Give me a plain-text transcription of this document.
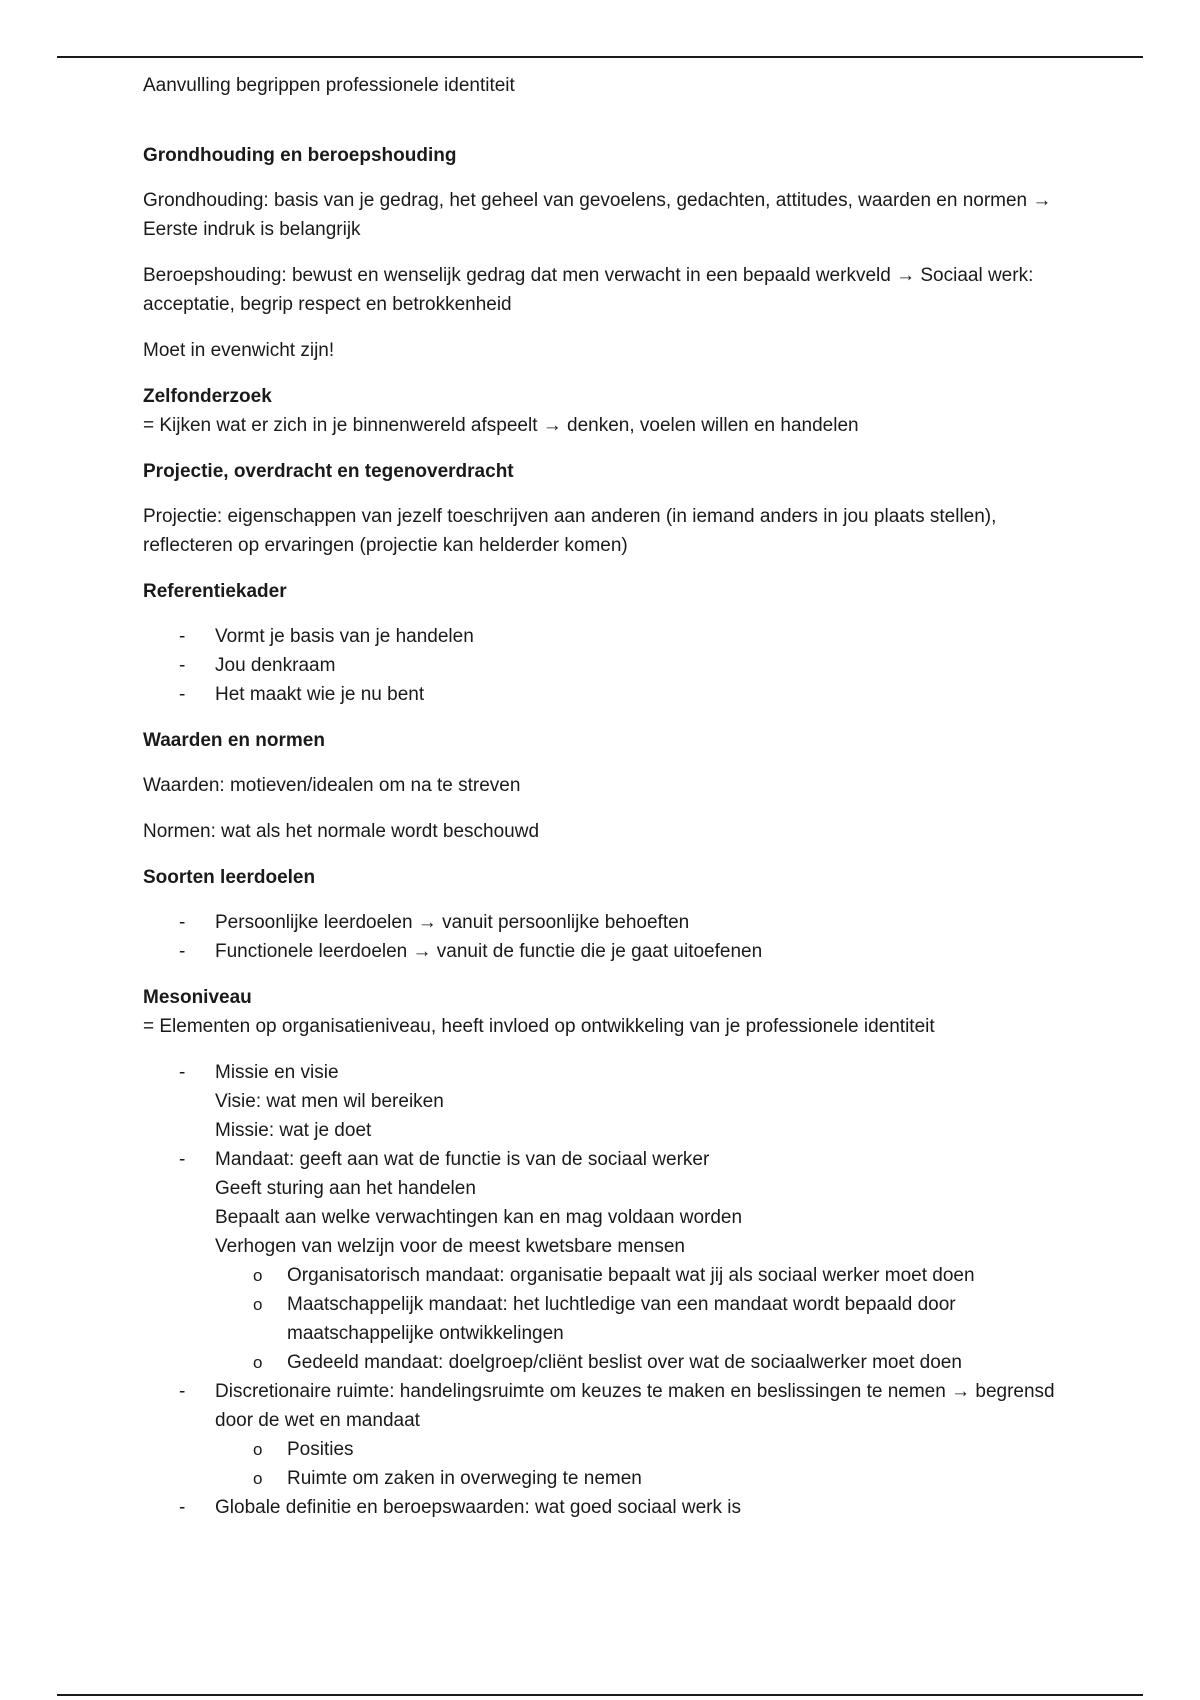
Aanvulling begrippen professionele identiteit
Grondhouding en beroepshouding

Grondhouding: basis van je gedrag, het geheel van gevoelens, gedachten, attitudes, waarden en normen → Eerste indruk is belangrijk

Beroepshouding: bewust en wenselijk gedrag dat men verwacht in een bepaald werkveld → Sociaal werk: acceptatie, begrip respect en betrokkenheid

Moet in evenwicht zijn!

Zelfonderzoek

= Kijken wat er zich in je binnenwereld afspeelt → denken, voelen willen en handelen

Projectie, overdracht en tegenoverdracht

Projectie: eigenschappen van jezelf toeschrijven aan anderen (in iemand anders in jou plaats stellen), reflecteren op ervaringen (projectie kan helderder komen)

Referentiekader
- Vormt je basis van je handelen
- Jou denkraam
- Het maakt wie je nu bent
Waarden en normen

Waarden: motieven/idealen om na te streven

Normen: wat als het normale wordt beschouwd

Soorten leerdoelen
- Persoonlijke leerdoelen → vanuit persoonlijke behoeften
- Functionele leerdoelen → vanuit de functie die je gaat uitoefenen
Mesoniveau

= Elementen op organisatieniveau, heeft invloed op ontwikkeling van je professionele identiteit

- Missie en visie
Visie: wat men wil bereiken
Missie: wat je doet
- Mandaat: geeft aan wat de functie is van de sociaal werker
Geeft sturing aan het handelen
Bepaalt aan welke verwachtingen kan en mag voldaan worden
Verhogen van welzijn voor de meest kwetsbare mensen
o Organisatorisch mandaat: organisatie bepaalt wat jij als sociaal werker moet doen
o Maatschappelijk mandaat: het luchtledige van een mandaat wordt bepaald door maatschappelijke ontwikkelingen
o Gedeeld mandaat: doelgroep/cliënt beslist over wat de sociaalwerker moet doen
- Discretionaire ruimte: handelingsruimte om keuzes te maken en beslissingen te nemen → begrensd door de wet en mandaat
o Posities
o Ruimte om zaken in overweging te nemen
- Globale definitie en beroepswaarden: wat goed sociaal werk is
